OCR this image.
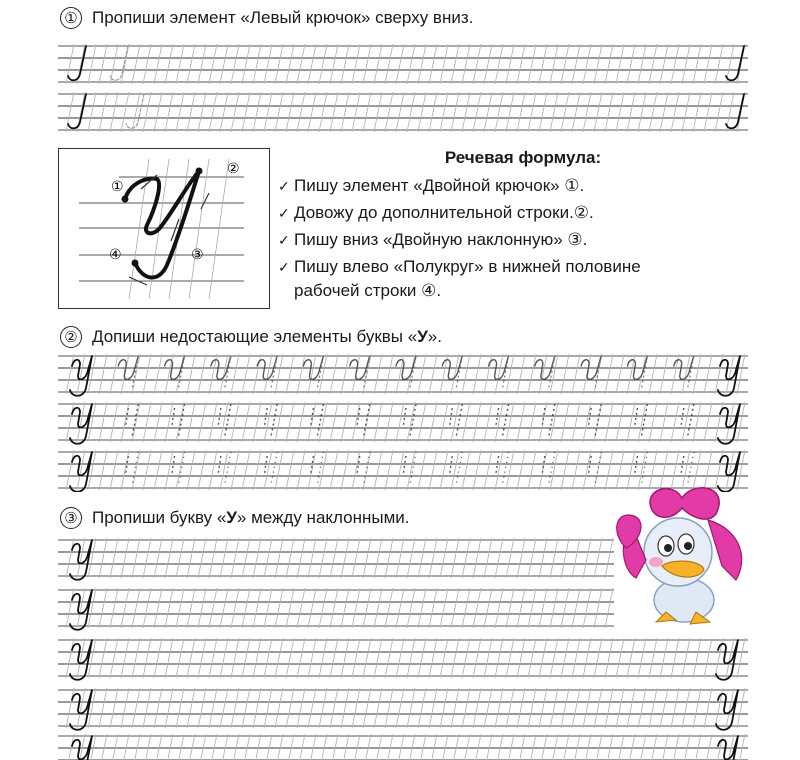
① Пропиши элемент «Левый крючок» сверху вниз.
①
②
③
④
Речевая формула:
✓ Пишу элемент «Двойной крючок» ①.
✓ Довожу до дополнительной строки.②.
✓ Пишу вниз «Двойную наклонную» ③.
✓ Пишу влево «Полукруг» в нижней половине
рабочей строки ④.
② Допиши недостающие элементы буквы «У».
③ Пропиши букву «У» между наклонными.
